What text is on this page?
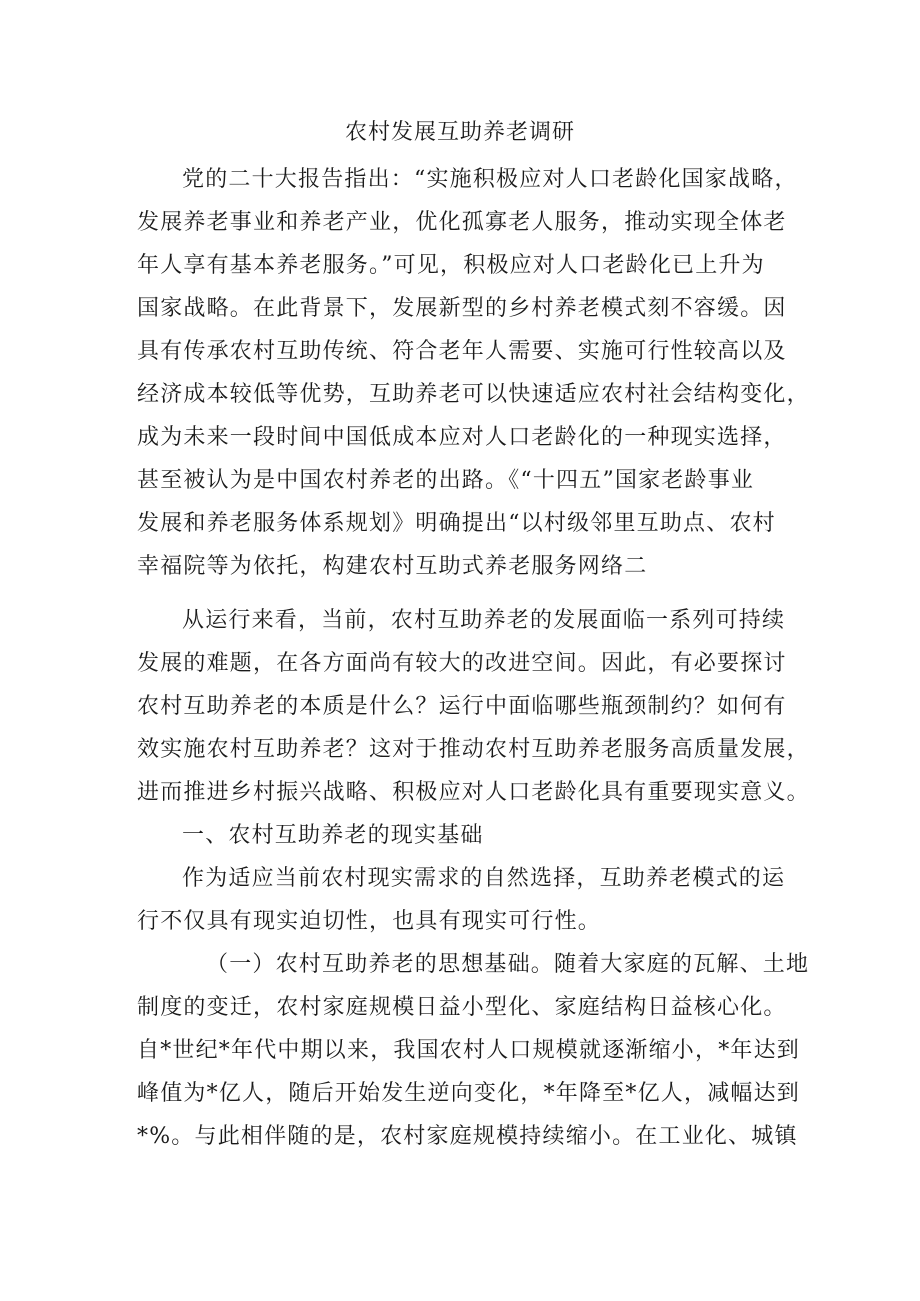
农村发展互助养老调研
党的二十大报告指出：“实施积极应对人口老龄化国家战略，
发展养老事业和养老产业，优化孤寡老人服务，推动实现全体老
年人享有基本养老服务。”可见，积极应对人口老龄化已上升为
国家战略。在此背景下，发展新型的乡村养老模式刻不容缓。因
具有传承农村互助传统、符合老年人需要、实施可行性较高以及
经济成本较低等优势，互助养老可以快速适应农村社会结构变化，
成为未来一段时间中国低成本应对人口老龄化的一种现实选择，
甚至被认为是中国农村养老的出路。《“十四五”国家老龄事业
发展和养老服务体系规划》明确提出“以村级邻里互助点、农村
幸福院等为依托，构建农村互助式养老服务网络二
从运行来看，当前，农村互助养老的发展面临一系列可持续
发展的难题，在各方面尚有较大的改进空间。因此，有必要探讨
农村互助养老的本质是什么？运行中面临哪些瓶颈制约？如何有
效实施农村互助养老？这对于推动农村互助养老服务高质量发展，
进而推进乡村振兴战略、积极应对人口老龄化具有重要现实意义。
一、农村互助养老的现实基础
作为适应当前农村现实需求的自然选择，互助养老模式的运
行不仅具有现实迫切性，也具有现实可行性。
（一）农村互助养老的思想基础。随着大家庭的瓦解、土地
制度的变迁，农村家庭规模日益小型化、家庭结构日益核心化。
自*世纪*年代中期以来，我国农村人口规模就逐渐缩小，*年达到
峰值为*亿人，随后开始发生逆向变化，*年降至*亿人，减幅达到
*%。与此相伴随的是，农村家庭规模持续缩小。在工业化、城镇
